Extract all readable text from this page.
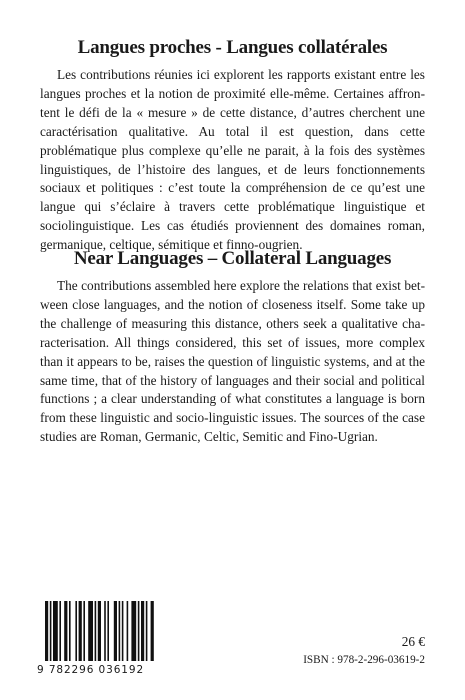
Langues proches - Langues collatérales

Les contributions réunies ici explorent les rapports existant entre les langues proches et la notion de proximité elle-même. Certaines affrontent le défi de la « mesure » de cette distance, d’autres cherchent une caractérisation qualitative. Au total il est question, dans cette problématique plus complexe qu’elle ne parait, à la fois des systèmes linguistiques, de l’histoire des langues, et de leurs fonctionnements sociaux et politiques : c’est toute la compréhension de ce qu’est une langue qui s’éclaire à travers cette problématique linguistique et sociolinguistique. Les cas étudiés proviennent des domaines roman, germanique, celtique, sémitique et finno-ougrien.

Near Languages – Collateral Languages

The contributions assembled here explore the relations that exist between close languages, and the notion of closeness itself. Some take up the challenge of measuring this distance, others seek a qualitative characterisation. All things considered, this set of issues, more complex than it appears to be, raises the question of linguistic systems, and at the same time, that of the history of languages and their social and political functions ; a clear understanding of what constitutes a language is born from these linguistic and socio-linguistic issues. The sources of the case studies are Roman, Germanic, Celtic, Semitic and Fino-Ugrian.

9 782296 036192
26 €
ISBN : 978-2-296-03619-2
